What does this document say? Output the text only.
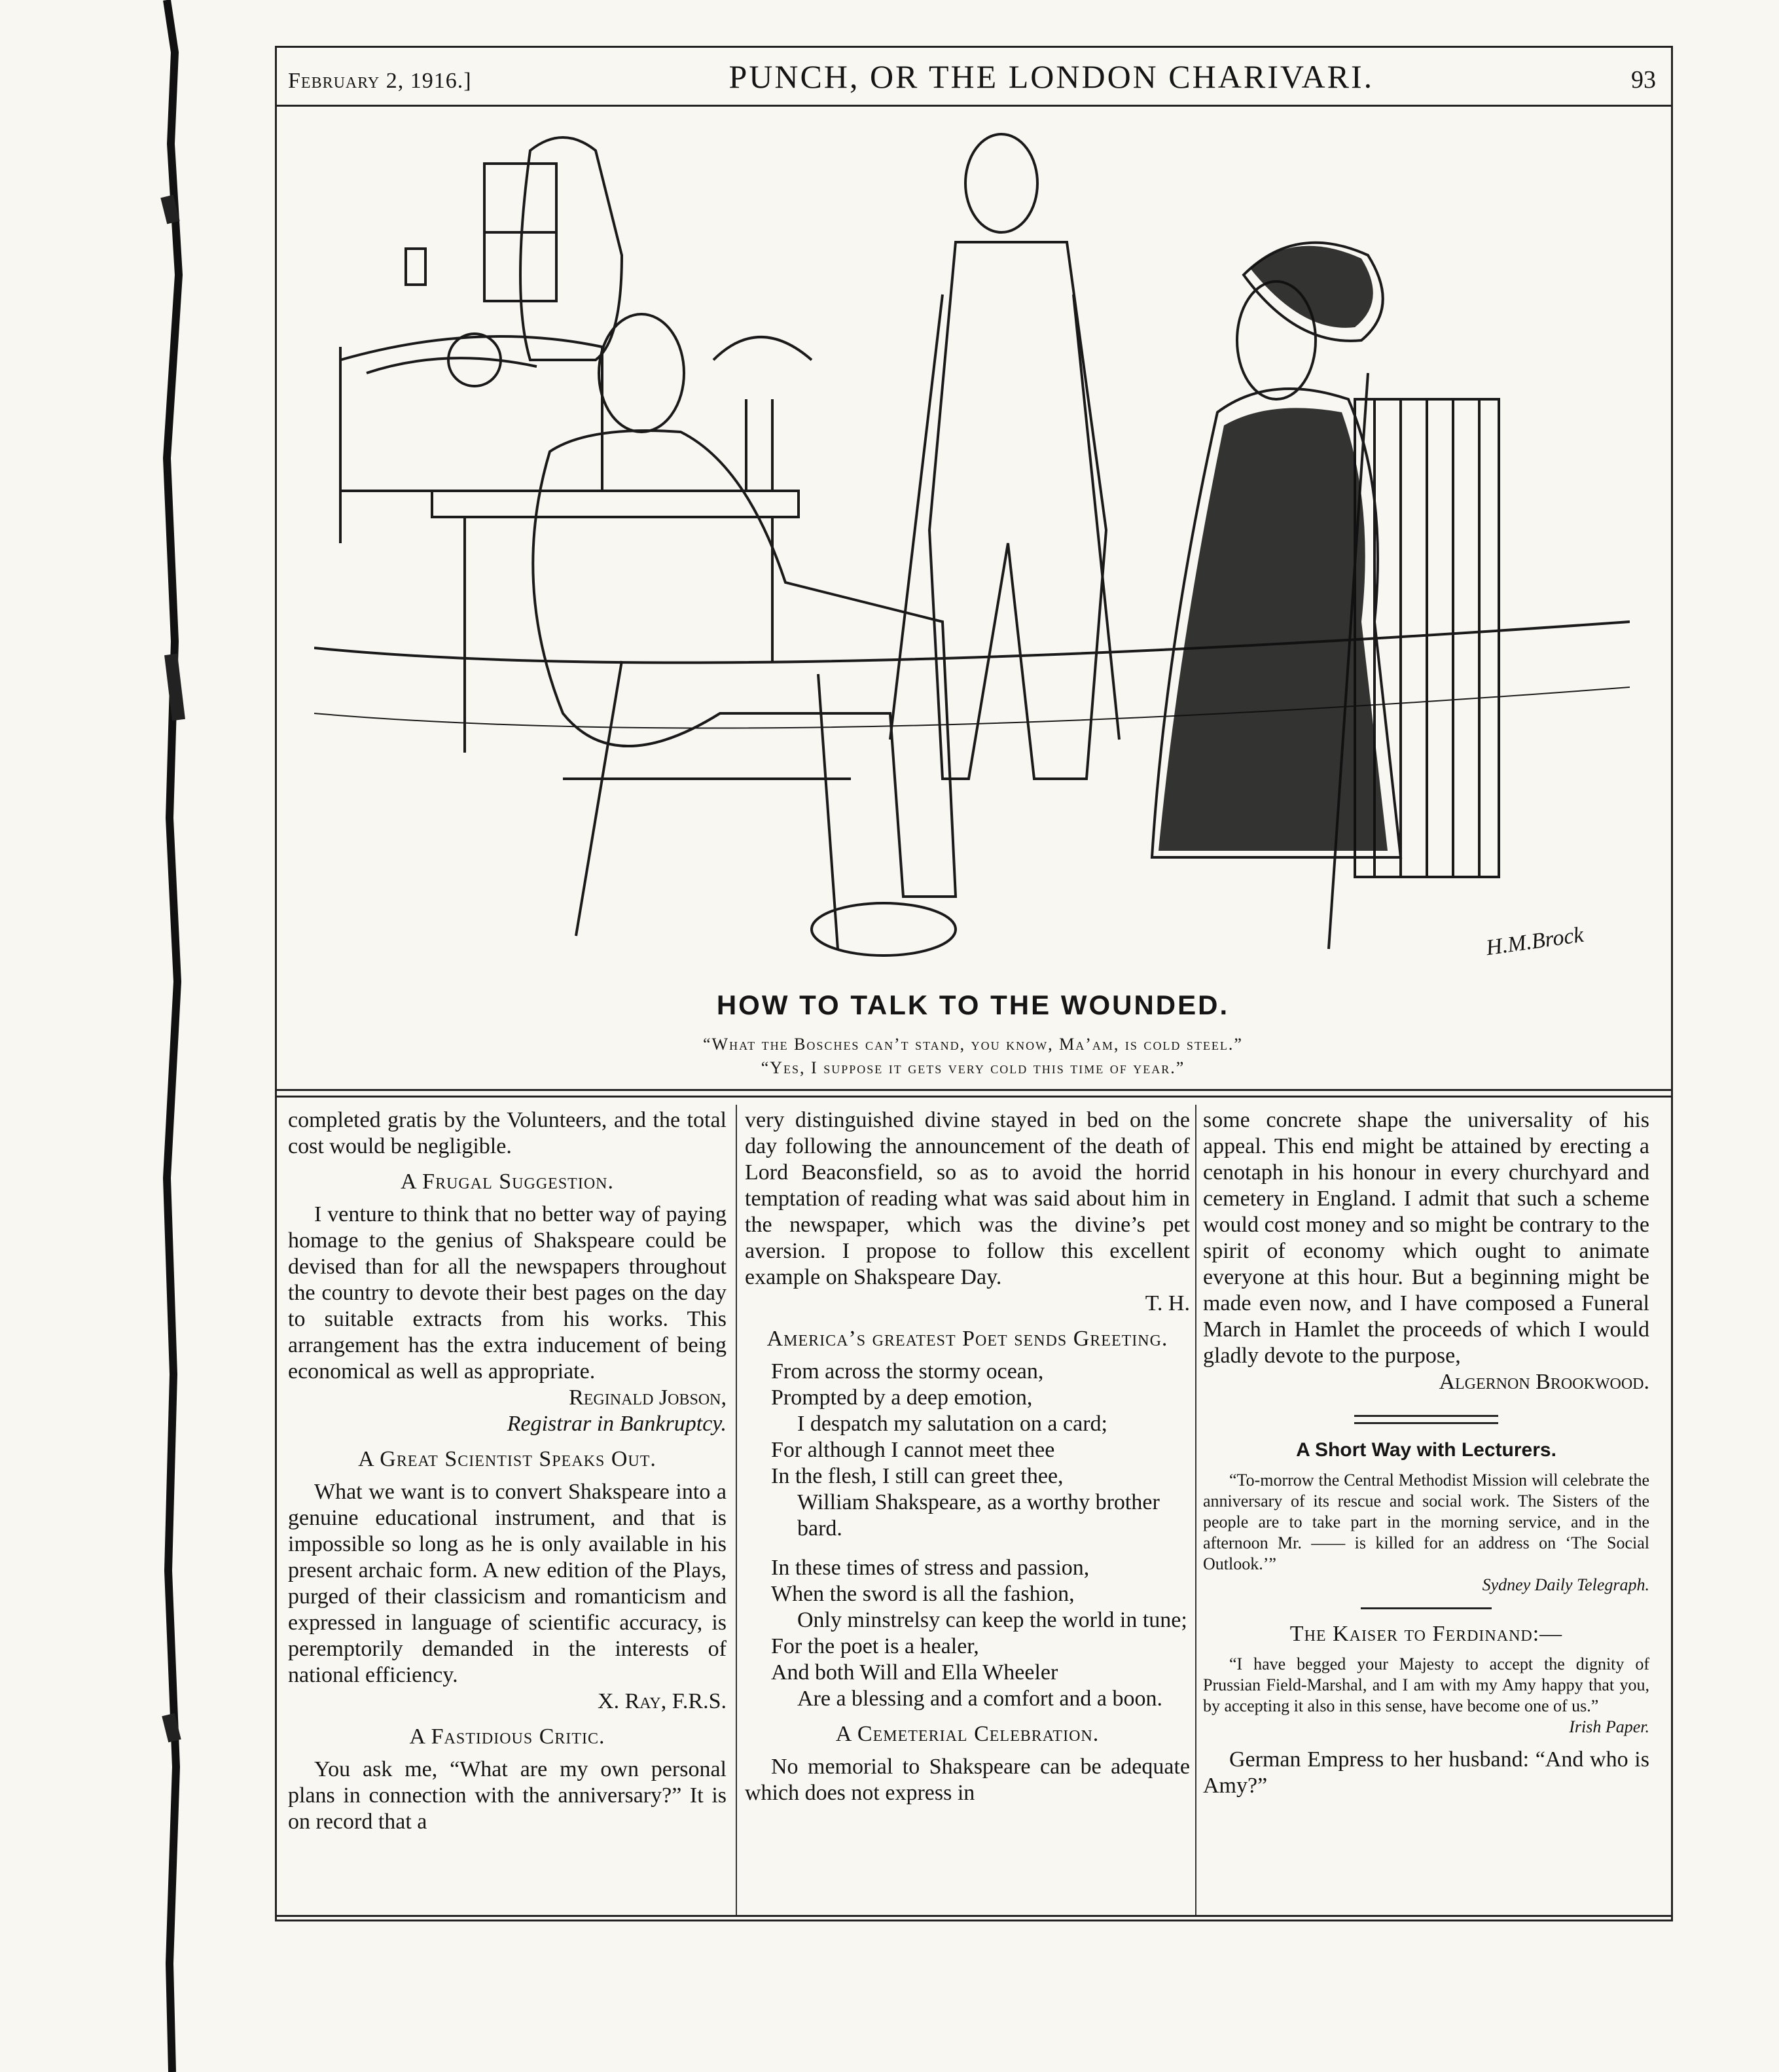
February 2, 1916.]	PUNCH, OR THE LONDON CHARIVARI.	93
H.M.Brock
HOW TO TALK TO THE WOUNDED.
“What the Bosches can’t stand, you know, Ma’am, is cold steel.”
“Yes, I suppose it gets very cold this time of year.”

completed gratis by the Volunteers, and the total cost would be negligible.

A Frugal Suggestion.

I venture to think that no better way of paying homage to the genius of Shakspeare could be devised than for all the newspapers throughout the country to devote their best pages on the day to suitable extracts from his works. This arrangement has the extra inducement of being economical as well as appropriate.

Reginald Jobson,

Registrar in Bankruptcy.

A Great Scientist Speaks Out.

What we want is to convert Shakspeare into a genuine educational instrument, and that is impossible so long as he is only available in his present archaic form. A new edition of the Plays, purged of their classicism and romanticism and expressed in language of scientific accuracy, is peremptorily demanded in the interests of national efficiency.

X. Ray, F.R.S.

A Fastidious Critic.

You ask me, “What are my own personal plans in connection with the anniversary?” It is on record that a

very distinguished divine stayed in bed on the day following the announcement of the death of Lord Beaconsfield, so as to avoid the horrid temptation of reading what was said about him in the newspaper, which was the divine’s pet aversion. I propose to follow this excellent example on Shakspeare Day.

T. H.

America’s greatest Poet sends Greeting.

From across the stormy ocean,

Prompted by a deep emotion,

I despatch my salutation on a card;

For although I cannot meet thee

In the flesh, I still can greet thee,

William Shakspeare, as a worthy brother bard.

In these times of stress and passion,

When the sword is all the fashion,

Only minstrelsy can keep the world in tune;

For the poet is a healer,

And both Will and Ella Wheeler

Are a blessing and a comfort and a boon.

A Cemeterial Celebration.

No memorial to Shakspeare can be adequate which does not express in

some concrete shape the universality of his appeal. This end might be attained by erecting a cenotaph in his honour in every churchyard and cemetery in England. I admit that such a scheme would cost money and so might be contrary to the spirit of economy which ought to animate everyone at this hour. But a beginning might be made even now, and I have composed a Funeral March in Hamlet the proceeds of which I would gladly devote to the purpose,

Algernon Brookwood.

A Short Way with Lecturers.

“To-morrow the Central Methodist Mission will celebrate the anniversary of its rescue and social work. The Sisters of the people are to take part in the morning service, and in the afternoon Mr. —— is killed for an address on ‘The Social Outlook.’”

Sydney Daily Telegraph.

The Kaiser to Ferdinand:—

“I have begged your Majesty to accept the dignity of Prussian Field-Marshal, and I am with my Amy happy that you, by accepting it also in this sense, have become one of us.”

Irish Paper.

German Empress to her husband: “And who is Amy?”
